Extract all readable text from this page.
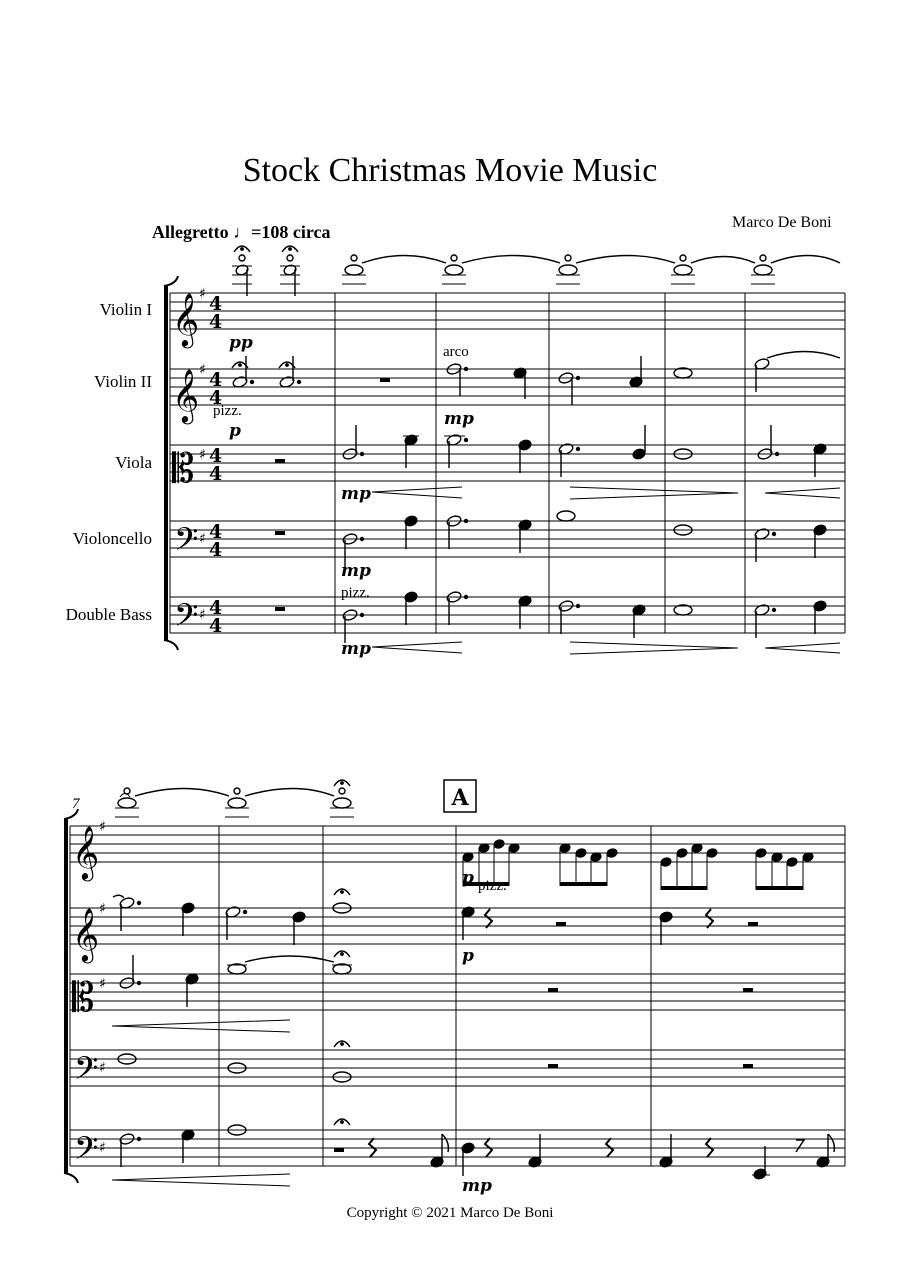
Stock Christmas Movie Music
Marco De Boni
Allegretto ♩=108 circa
Violin I
Violin II
Viola
Violoncello
Double Bass
𝄞
𝄞
𝄡
𝄢
𝄢
♯
♯
♯
♯
♯
4
4
4
4
4
4
4
4
4
4
pp
pizz.
p
arco
mp
mp
mp
pizz.
mp
𝄞
𝄞
𝄡
𝄢
𝄢
♯
♯
♯
♯
♯
7	A
p pizz.
p
mp
Copyright © 2021 Marco De Boni
